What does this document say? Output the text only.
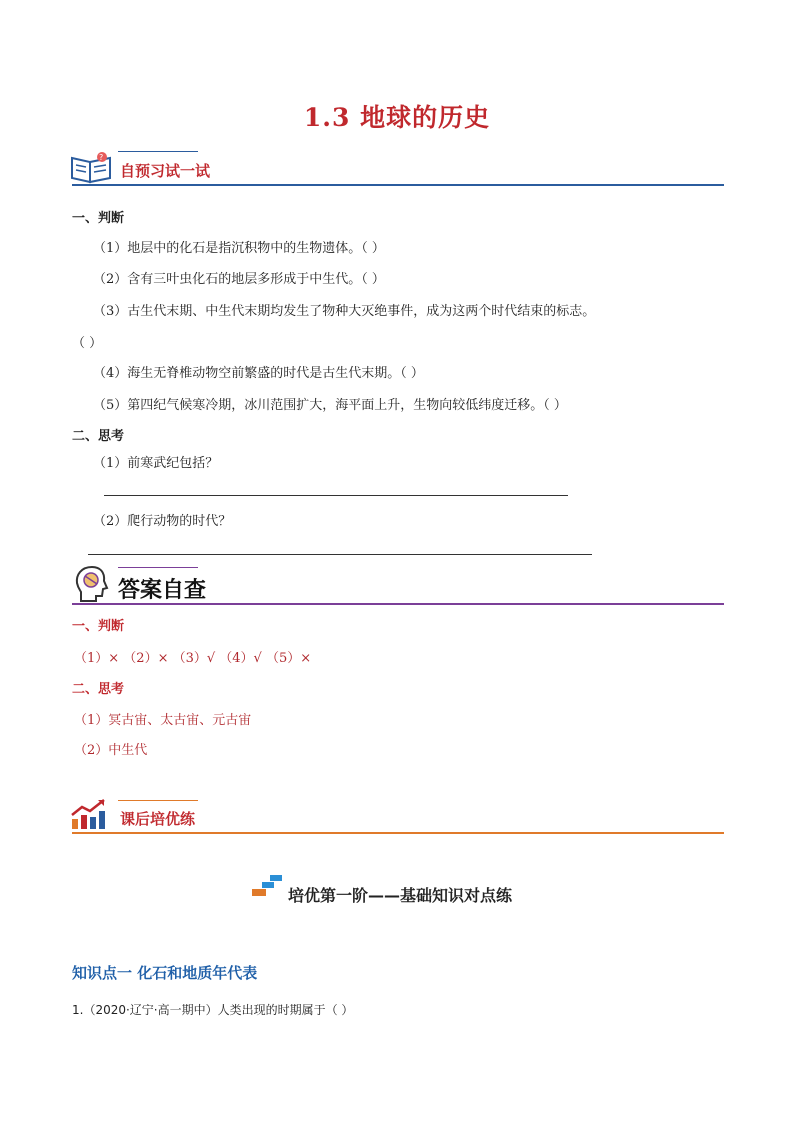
1.3 地球的历史
?
自预习试一试
一、判断
（1）地层中的化石是指沉积物中的生物遗体。（ ）
（2）含有三叶虫化石的地层多形成于中生代。（ ）
（3）古生代末期、中生代末期均发生了物种大灭绝事件，成为这两个时代结束的标志。
（ ）
（4）海生无脊椎动物空前繁盛的时代是古生代末期。（ ）
（5）第四纪气候寒冷期，冰川范围扩大，海平面上升，生物向较低纬度迁移。（ ）
二、思考
（1）前寒武纪包括？
（2）爬行动物的时代？
答案自查
一、判断
（1）× （2）× （3）√ （4）√ （5）×
二、思考
（1）冥古宙、太古宙、元古宙
（2）中生代
课后培优练
培优第一阶——基础知识对点练
知识点一 化石和地质年代表
1.（2020·辽宁·高一期中）人类出现的时期属于（ ）
